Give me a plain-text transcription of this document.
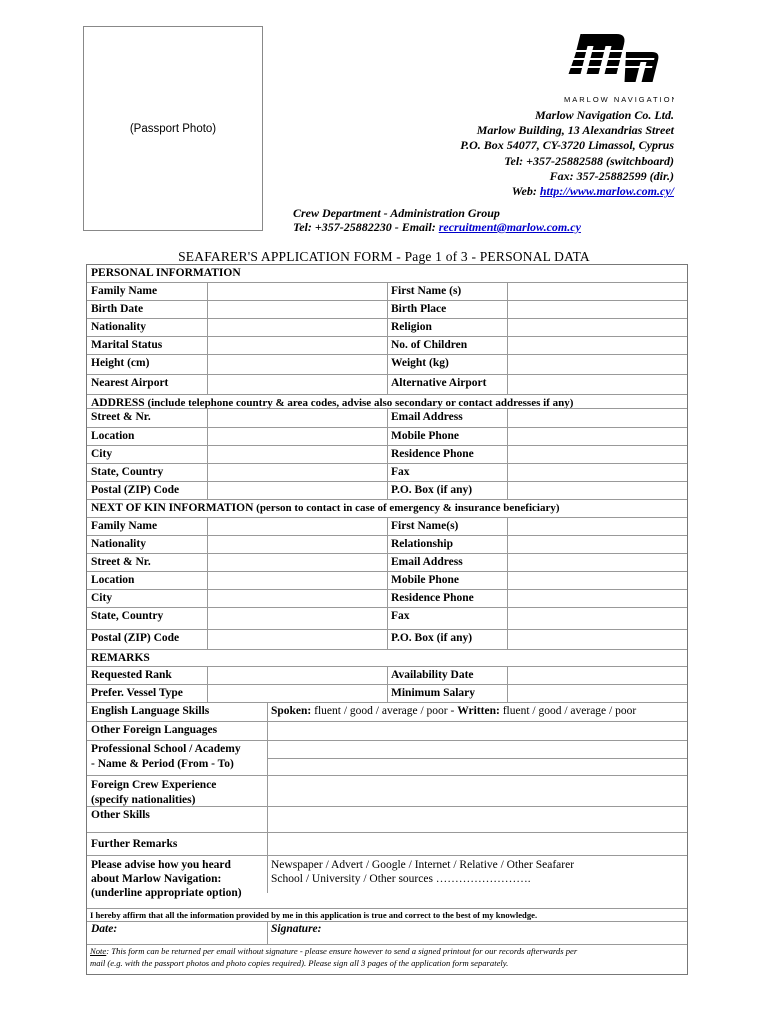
(Passport Photo)
MARLOW NAVIGATION
Marlow Navigation Co. Ltd.
Marlow Building, 13 Alexandrias Street
P.O. Box 54077, CY-3720 Limassol, Cyprus
Tel: +357-25882588 (switchboard)
Fax: 357-25882599 (dir.)
Web: http://www.marlow.com.cy/
Crew Department - Administration Group
Tel: +357-25882230 - Email: recruitment@marlow.com.cy
SEAFARER'S APPLICATION FORM - Page 1 of 3 - PERSONAL DATA
PERSONAL INFORMATION
Family Name	First Name (s)
Birth Date	Birth Place
Nationality	Religion
Marital Status	No. of Children
Height (cm)	Weight (kg)
Nearest Airport	Alternative Airport
ADDRESS (include telephone country & area codes, advise also secondary or contact addresses if any)
Street & Nr.	Email Address
Location	Mobile Phone
City	Residence Phone
State, Country	Fax
Postal (ZIP) Code	P.O. Box (if any)
NEXT OF KIN INFORMATION (person to contact in case of emergency & insurance beneficiary)
Family Name	First Name(s)
Nationality	Relationship
Street & Nr.	Email Address
Location	Mobile Phone
City	Residence Phone
State, Country	Fax
Postal (ZIP) Code	P.O. Box (if any)
REMARKS
Requested Rank	Availability Date
Prefer. Vessel Type	Minimum Salary
English Language Skills	Spoken: fluent / good / average / poor - Written: fluent / good / average / poor
Other Foreign Languages
Professional School / Academy
- Name & Period (From - To)
Foreign Crew Experience
(specify nationalities)
Other Skills
Further Remarks
Please advise how you heard
about Marlow Navigation:
(underline appropriate option)
Newspaper / Advert / Google / Internet / Relative / Other Seafarer
School / University / Other sources …………………….
I hereby affirm that all the information provided by me in this application is true and correct to the best of my knowledge.
Date:	Signature:
Note: This form can be returned per email without signature - please ensure however to send a signed printout for our records afterwards per
mail (e.g. with the passport photos and photo copies required). Please sign all 3 pages of the application form separately.
